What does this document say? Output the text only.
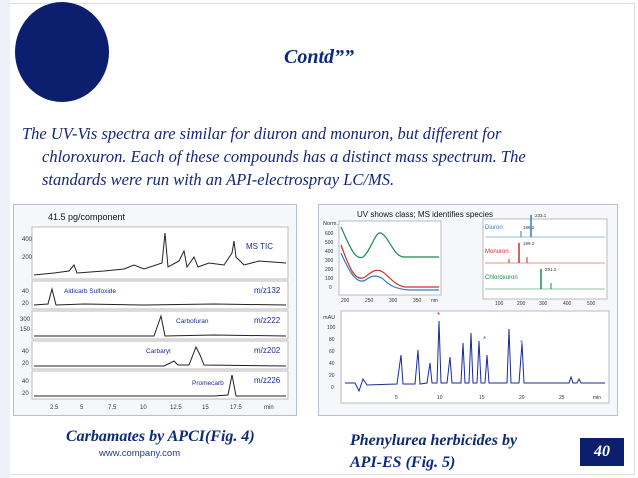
Contd””
The UV-Vis spectra are similar for diuron and monuron, but different for
chloroxuron. Each of these compounds has a distinct mass spectrum. The
standards were run with an API-electrospray LC/MS.
41.5 pg/component
400
200
MS TIC
40
20
Aldicarb Sulfoxide	m/z132
300
150
Carbofuran	m/z222
40
20
Carbaryl	m/z202
40
20
Promecarb	m/z226
2.5	5	7.5	10	12.5	15	17.5	min
UV shows class; MS identifies species
Norm.
600
500
400
300
200
100
0
200	250	300	350 nm
Diuron
233.1
186.2
Monuron
199.2
Chloroxuron
291.2
100	200	300	400	500
mAU
100
80
60
40
20
0
*
*	*
5	10	15	20	25	min
Carbamates by APCI(Fig. 4)
www.company.com
Phenylurea herbicides by
API-ES (Fig. 5)
40
